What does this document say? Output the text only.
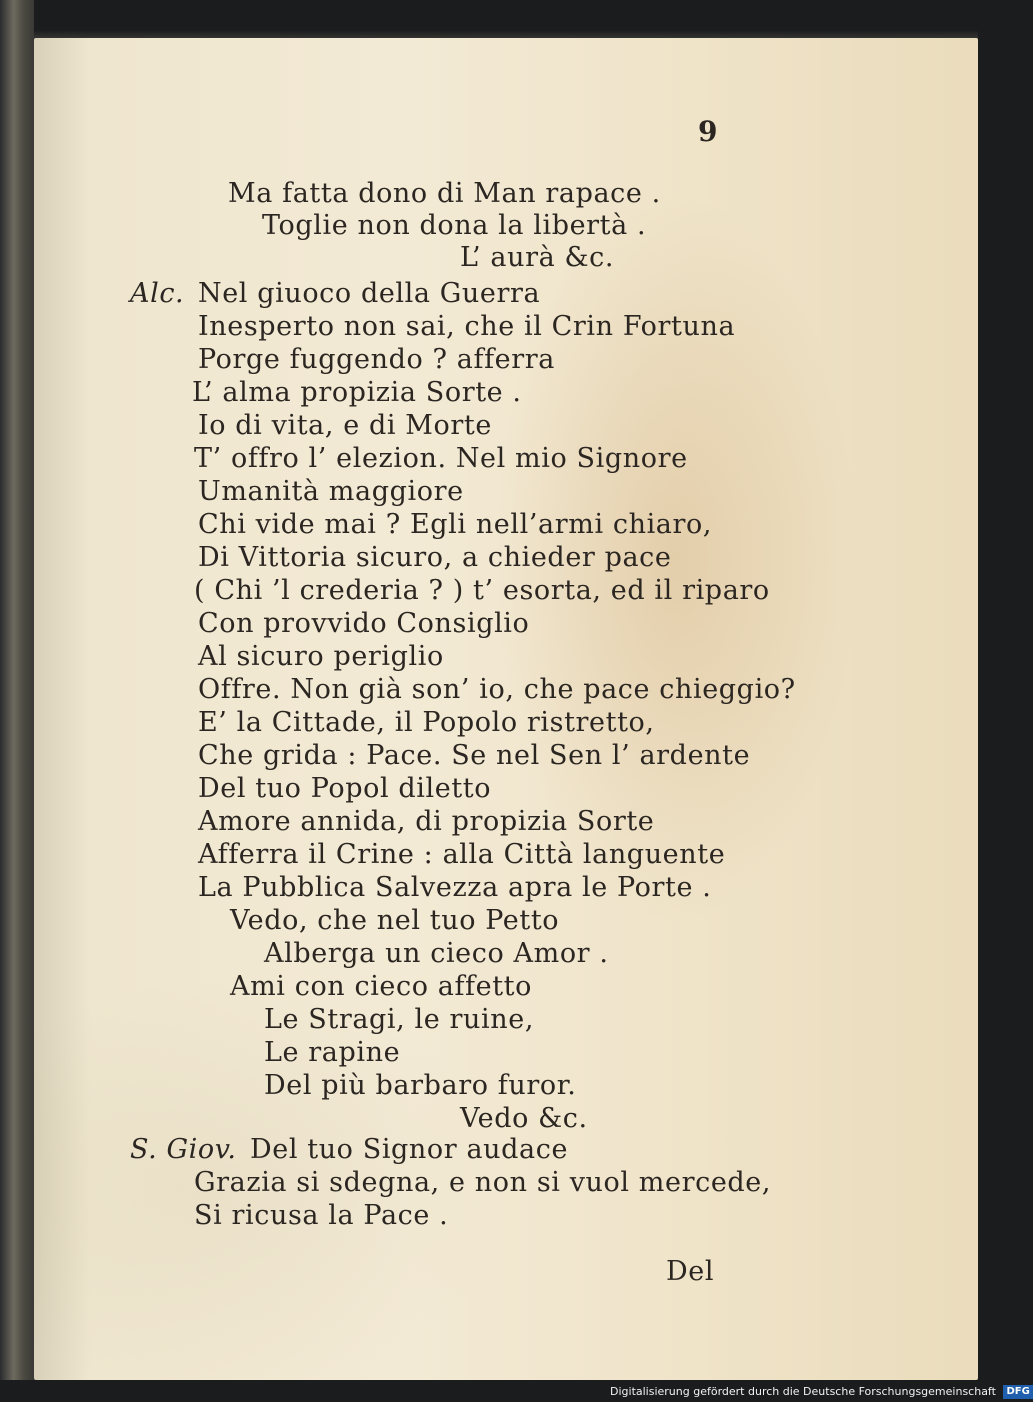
9
Ma fatta dono di Man rapace .
Toglie non dona la libertà .
L’ aurà &c.
Alc. Nel giuoco della Guerra
Inesperto non sai, che il Crin Fortuna
Porge fuggendo ? afferra
L’ alma propizia Sorte .
Io di vita, e di Morte
T’ offro l’ elezion. Nel mio Signore
Umanità maggiore
Chi vide mai ? Egli nell’armi chiaro,
Di Vittoria sicuro, a chieder pace
( Chi ’l crederia ? ) t’ esorta, ed il riparo
Con provvido Consiglio
Al sicuro periglio
Offre. Non già son’ io, che pace chieggio?
E’ la Cittade, il Popolo ristretto,
Che grida : Pace. Se nel Sen l’ ardente
Del tuo Popol diletto
Amore annida, di propizia Sorte
Afferra il Crine : alla Città languente
La Pubblica Salvezza apra le Porte .
Vedo, che nel tuo Petto
Alberga un cieco Amor .
Ami con cieco affetto
Le Stragi, le ruine,
Le rapine
Del più barbaro furor.
Vedo &c.
S. Giov. Del tuo Signor audace
Grazia si sdegna, e non si vuol mercede,
Si ricusa la Pace .
Del
Digitalisierung gefördert durch die Deutsche Forschungsgemeinschaft DFG
